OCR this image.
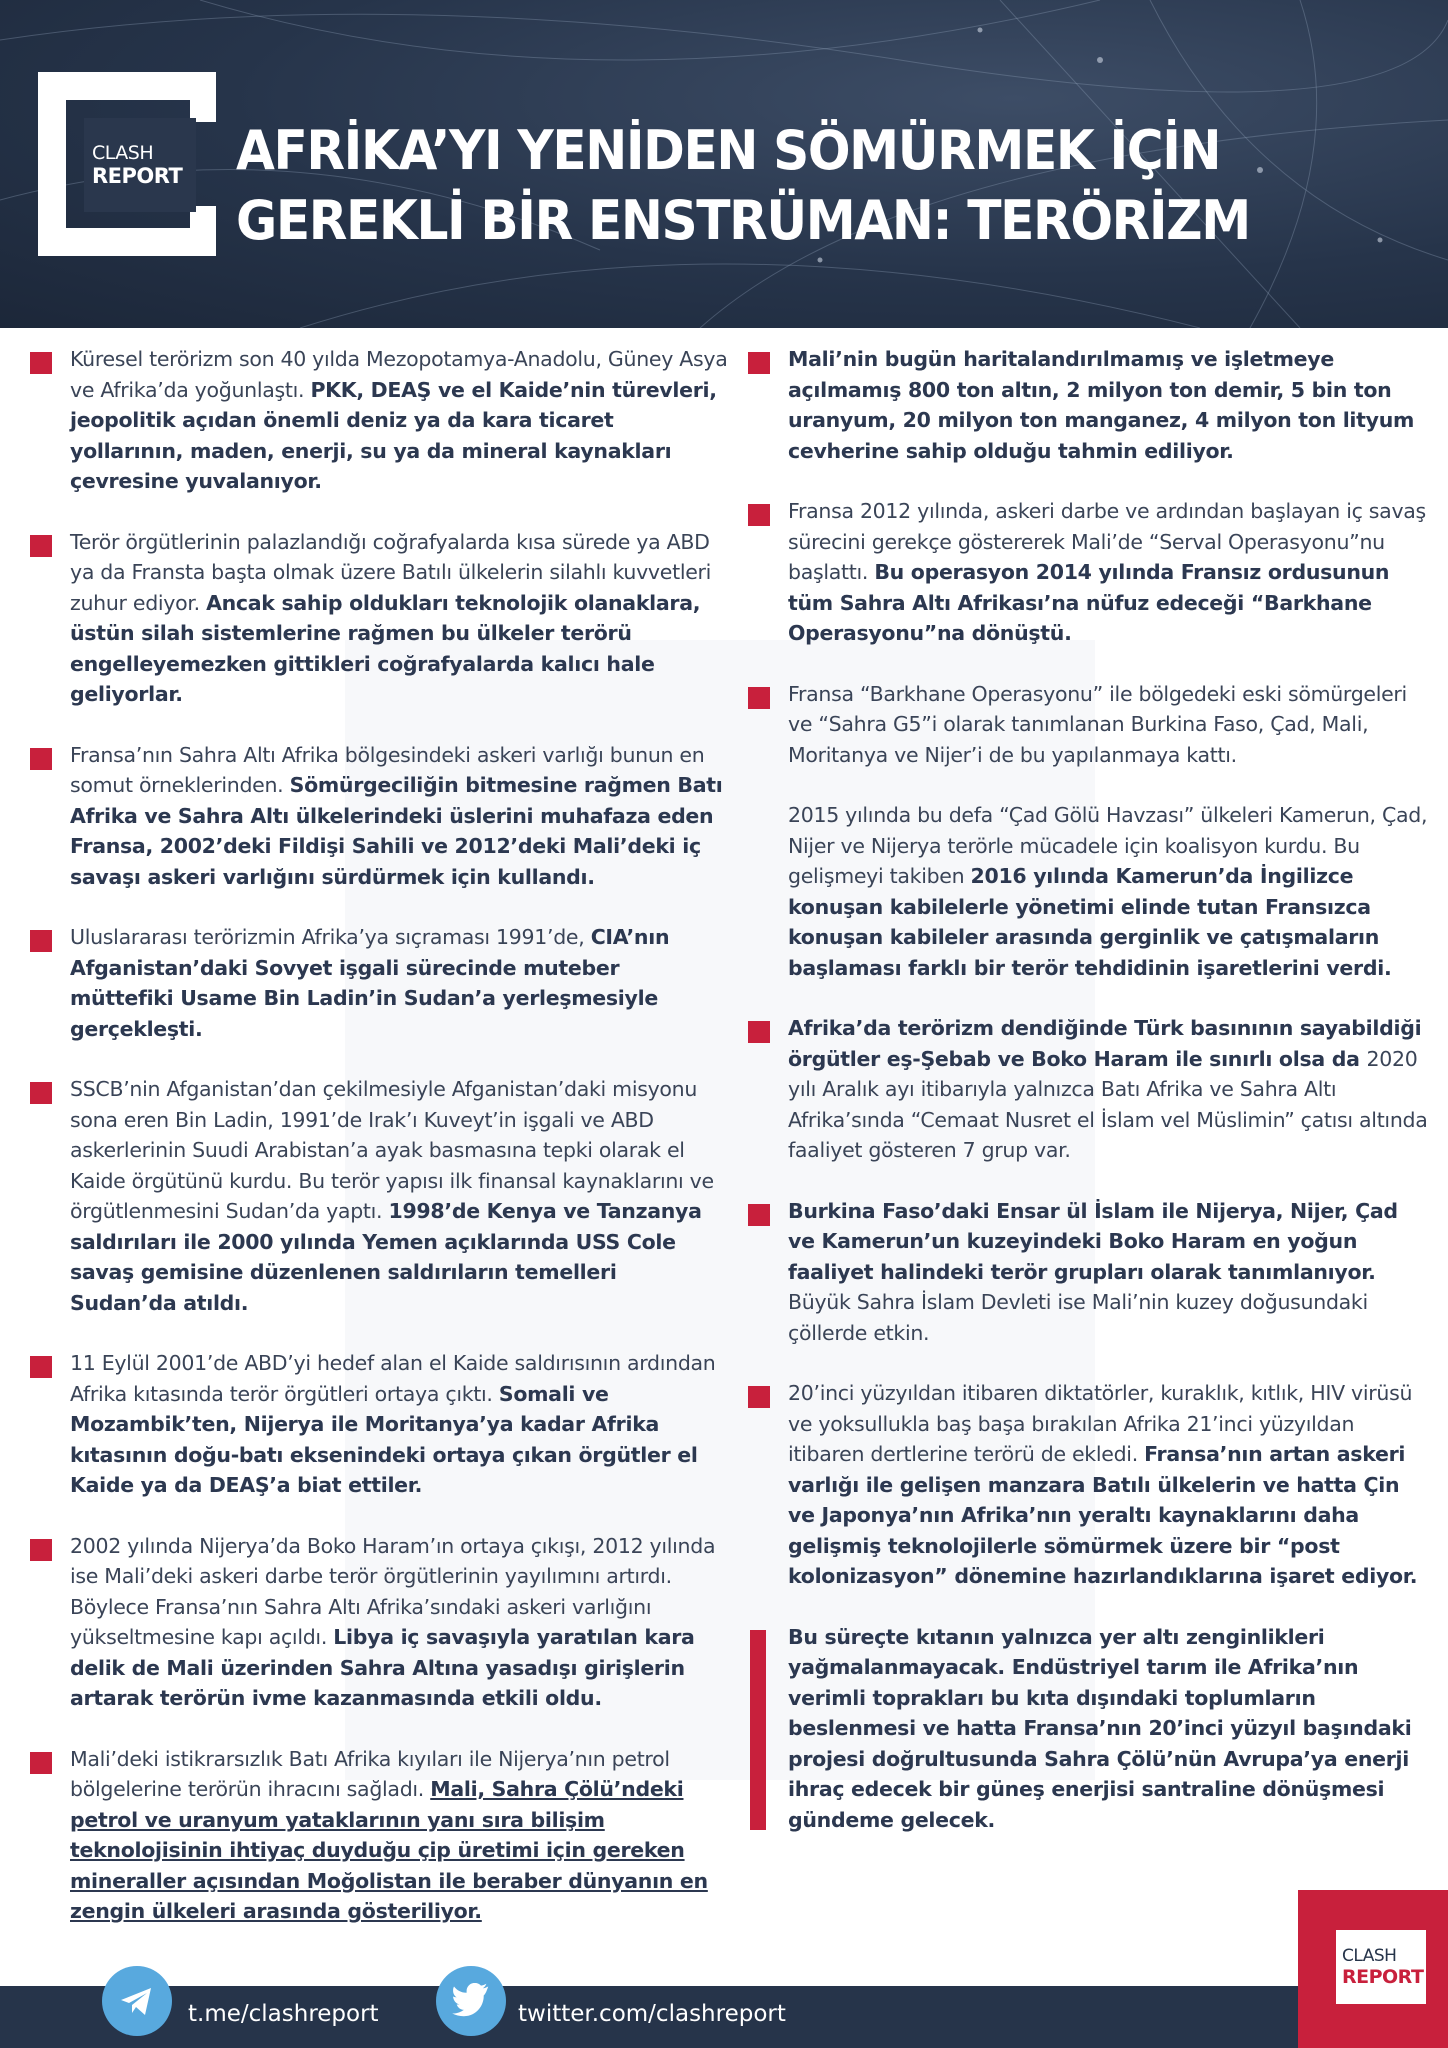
CLASH
REPORT AFRİKA’YI YENİDEN SÖMÜRMEK İÇİN
GEREKLİ BİR ENSTRÜMAN: TERÖRİZM
Küresel terörizm son 40 yılda Mezopotamya-Anadolu, Güney Asya ve Afrika’da yoğunlaştı. PKK, DEAŞ ve el Kaide’nin türevleri, jeopolitik açıdan önemli deniz ya da kara ticaret yollarının, maden, enerji, su ya da mineral kaynakları çevresine yuvalanıyor.
Terör örgütlerinin palazlandığı coğrafyalarda kısa sürede ya ABD ya da Fransta başta olmak üzere Batılı ülkelerin silahlı kuvvetleri zuhur ediyor. Ancak sahip oldukları teknolojik olanaklara, üstün silah sistemlerine rağmen bu ülkeler terörü engelleyemezken gittikleri coğrafyalarda kalıcı hale geliyorlar.
Fransa’nın Sahra Altı Afrika bölgesindeki askeri varlığı bunun en somut örneklerinden. Sömürgeciliğin bitmesine rağmen Batı Afrika ve Sahra Altı ülkelerindeki üslerini muhafaza eden Fransa, 2002’deki Fildişi Sahili ve 2012’deki Mali’deki iç savaşı askeri varlığını sürdürmek için kullandı.
Uluslararası terörizmin Afrika’ya sıçraması 1991’de, CIA’nın Afganistan’daki Sovyet işgali sürecinde muteber müttefiki Usame Bin Ladin’in Sudan’a yerleşmesiyle gerçekleşti.
SSCB’nin Afganistan’dan çekilmesiyle Afganistan’daki misyonu sona eren Bin Ladin, 1991’de Irak’ı Kuveyt’in işgali ve ABD askerlerinin Suudi Arabistan’a ayak basmasına tepki olarak el Kaide örgütünü kurdu. Bu terör yapısı ilk finansal kaynaklarını ve örgütlenmesini Sudan’da yaptı. 1998’de Kenya ve Tanzanya saldırıları ile 2000 yılında Yemen açıklarında USS Cole savaş gemisine düzenlenen saldırıların temelleri Sudan’da atıldı.
11 Eylül 2001’de ABD’yi hedef alan el Kaide saldırısının ardından Afrika kıtasında terör örgütleri ortaya çıktı. Somali ve Mozambik’ten, Nijerya ile Moritanya’ya kadar Afrika kıtasının doğu-batı eksenindeki ortaya çıkan örgütler el Kaide ya da DEAŞ’a biat ettiler.
2002 yılında Nijerya’da Boko Haram’ın ortaya çıkışı, 2012 yılında ise Mali’deki askeri darbe terör örgütlerinin yayılımını artırdı. Böylece Fransa’nın Sahra Altı Afrika’sındaki askeri varlığını yükseltmesine kapı açıldı. Libya iç savaşıyla yaratılan kara delik de Mali üzerinden Sahra Altına yasadışı girişlerin artarak terörün ivme kazanmasında etkili oldu.
Mali’deki istikrarsızlık Batı Afrika kıyıları ile Nijerya’nın petrol bölgelerine terörün ihracını sağladı. Mali, Sahra Çölü’ndeki petrol ve uranyum yataklarının yanı sıra bilişim teknolojisinin ihtiyaç duyduğu çip üretimi için gereken mineraller açısından Moğolistan ile beraber dünyanın en zengin ülkeleri arasında gösteriliyor.
Mali’nin bugün haritalandırılmamış ve işletmeye açılmamış 800 ton altın, 2 milyon ton demir, 5 bin ton uranyum, 20 milyon ton manganez, 4 milyon ton lityum cevherine sahip olduğu tahmin ediliyor.
Fransa 2012 yılında, askeri darbe ve ardından başlayan iç savaş sürecini gerekçe göstererek Mali’de “Serval Operasyonu”nu başlattı. Bu operasyon 2014 yılında Fransız ordusunun tüm Sahra Altı Afrikası’na nüfuz edeceği “Barkhane Operasyonu”na dönüştü.
Fransa “Barkhane Operasyonu” ile bölgedeki eski sömürgeleri ve “Sahra G5”i olarak tanımlanan Burkina Faso, Çad, Mali, Moritanya ve Nijer’i de bu yapılanmaya kattı.
2015 yılında bu defa “Çad Gölü Havzası” ülkeleri Kamerun, Çad, Nijer ve Nijerya terörle mücadele için koalisyon kurdu. Bu gelişmeyi takiben 2016 yılında Kamerun’da İngilizce konuşan kabilelerle yönetimi elinde tutan Fransızca konuşan kabileler arasında gerginlik ve çatışmaların başlaması farklı bir terör tehdidinin işaretlerini verdi.
Afrika’da terörizm dendiğinde Türk basınının sayabildiği örgütler eş-Şebab ve Boko Haram ile sınırlı olsa da 2020 yılı Aralık ayı itibarıyla yalnızca Batı Afrika ve Sahra Altı Afrika’sında “Cemaat Nusret el İslam vel Müslimin” çatısı altında faaliyet gösteren 7 grup var.
Burkina Faso’daki Ensar ül İslam ile Nijerya, Nijer, Çad ve Kamerun’un kuzeyindeki Boko Haram en yoğun faaliyet halindeki terör grupları olarak tanımlanıyor. Büyük Sahra İslam Devleti ise Mali’nin kuzey doğusundaki çöllerde etkin.
20’inci yüzyıldan itibaren diktatörler, kuraklık, kıtlık, HIV virüsü ve yoksullukla baş başa bırakılan Afrika 21’inci yüzyıldan itibaren dertlerine terörü de ekledi. Fransa’nın artan askeri varlığı ile gelişen manzara Batılı ülkelerin ve hatta Çin ve Japonya’nın Afrika’nın yeraltı kaynaklarını daha gelişmiş teknolojilerle sömürmek üzere bir “post kolonizasyon” dönemine hazırlandıklarına işaret ediyor.
Bu süreçte kıtanın yalnızca yer altı zenginlikleri yağmalanmayacak. Endüstriyel tarım ile Afrika’nın verimli toprakları bu kıta dışındaki toplumların beslenmesi ve hatta Fransa’nın 20’inci yüzyıl başındaki projesi doğrultusunda Sahra Çölü’nün Avrupa’ya enerji ihraç edecek bir güneş enerjisi santraline dönüşmesi gündeme gelecek.
t.me/clashreport	twitter.com/clashreport
CLASH
REPORT
